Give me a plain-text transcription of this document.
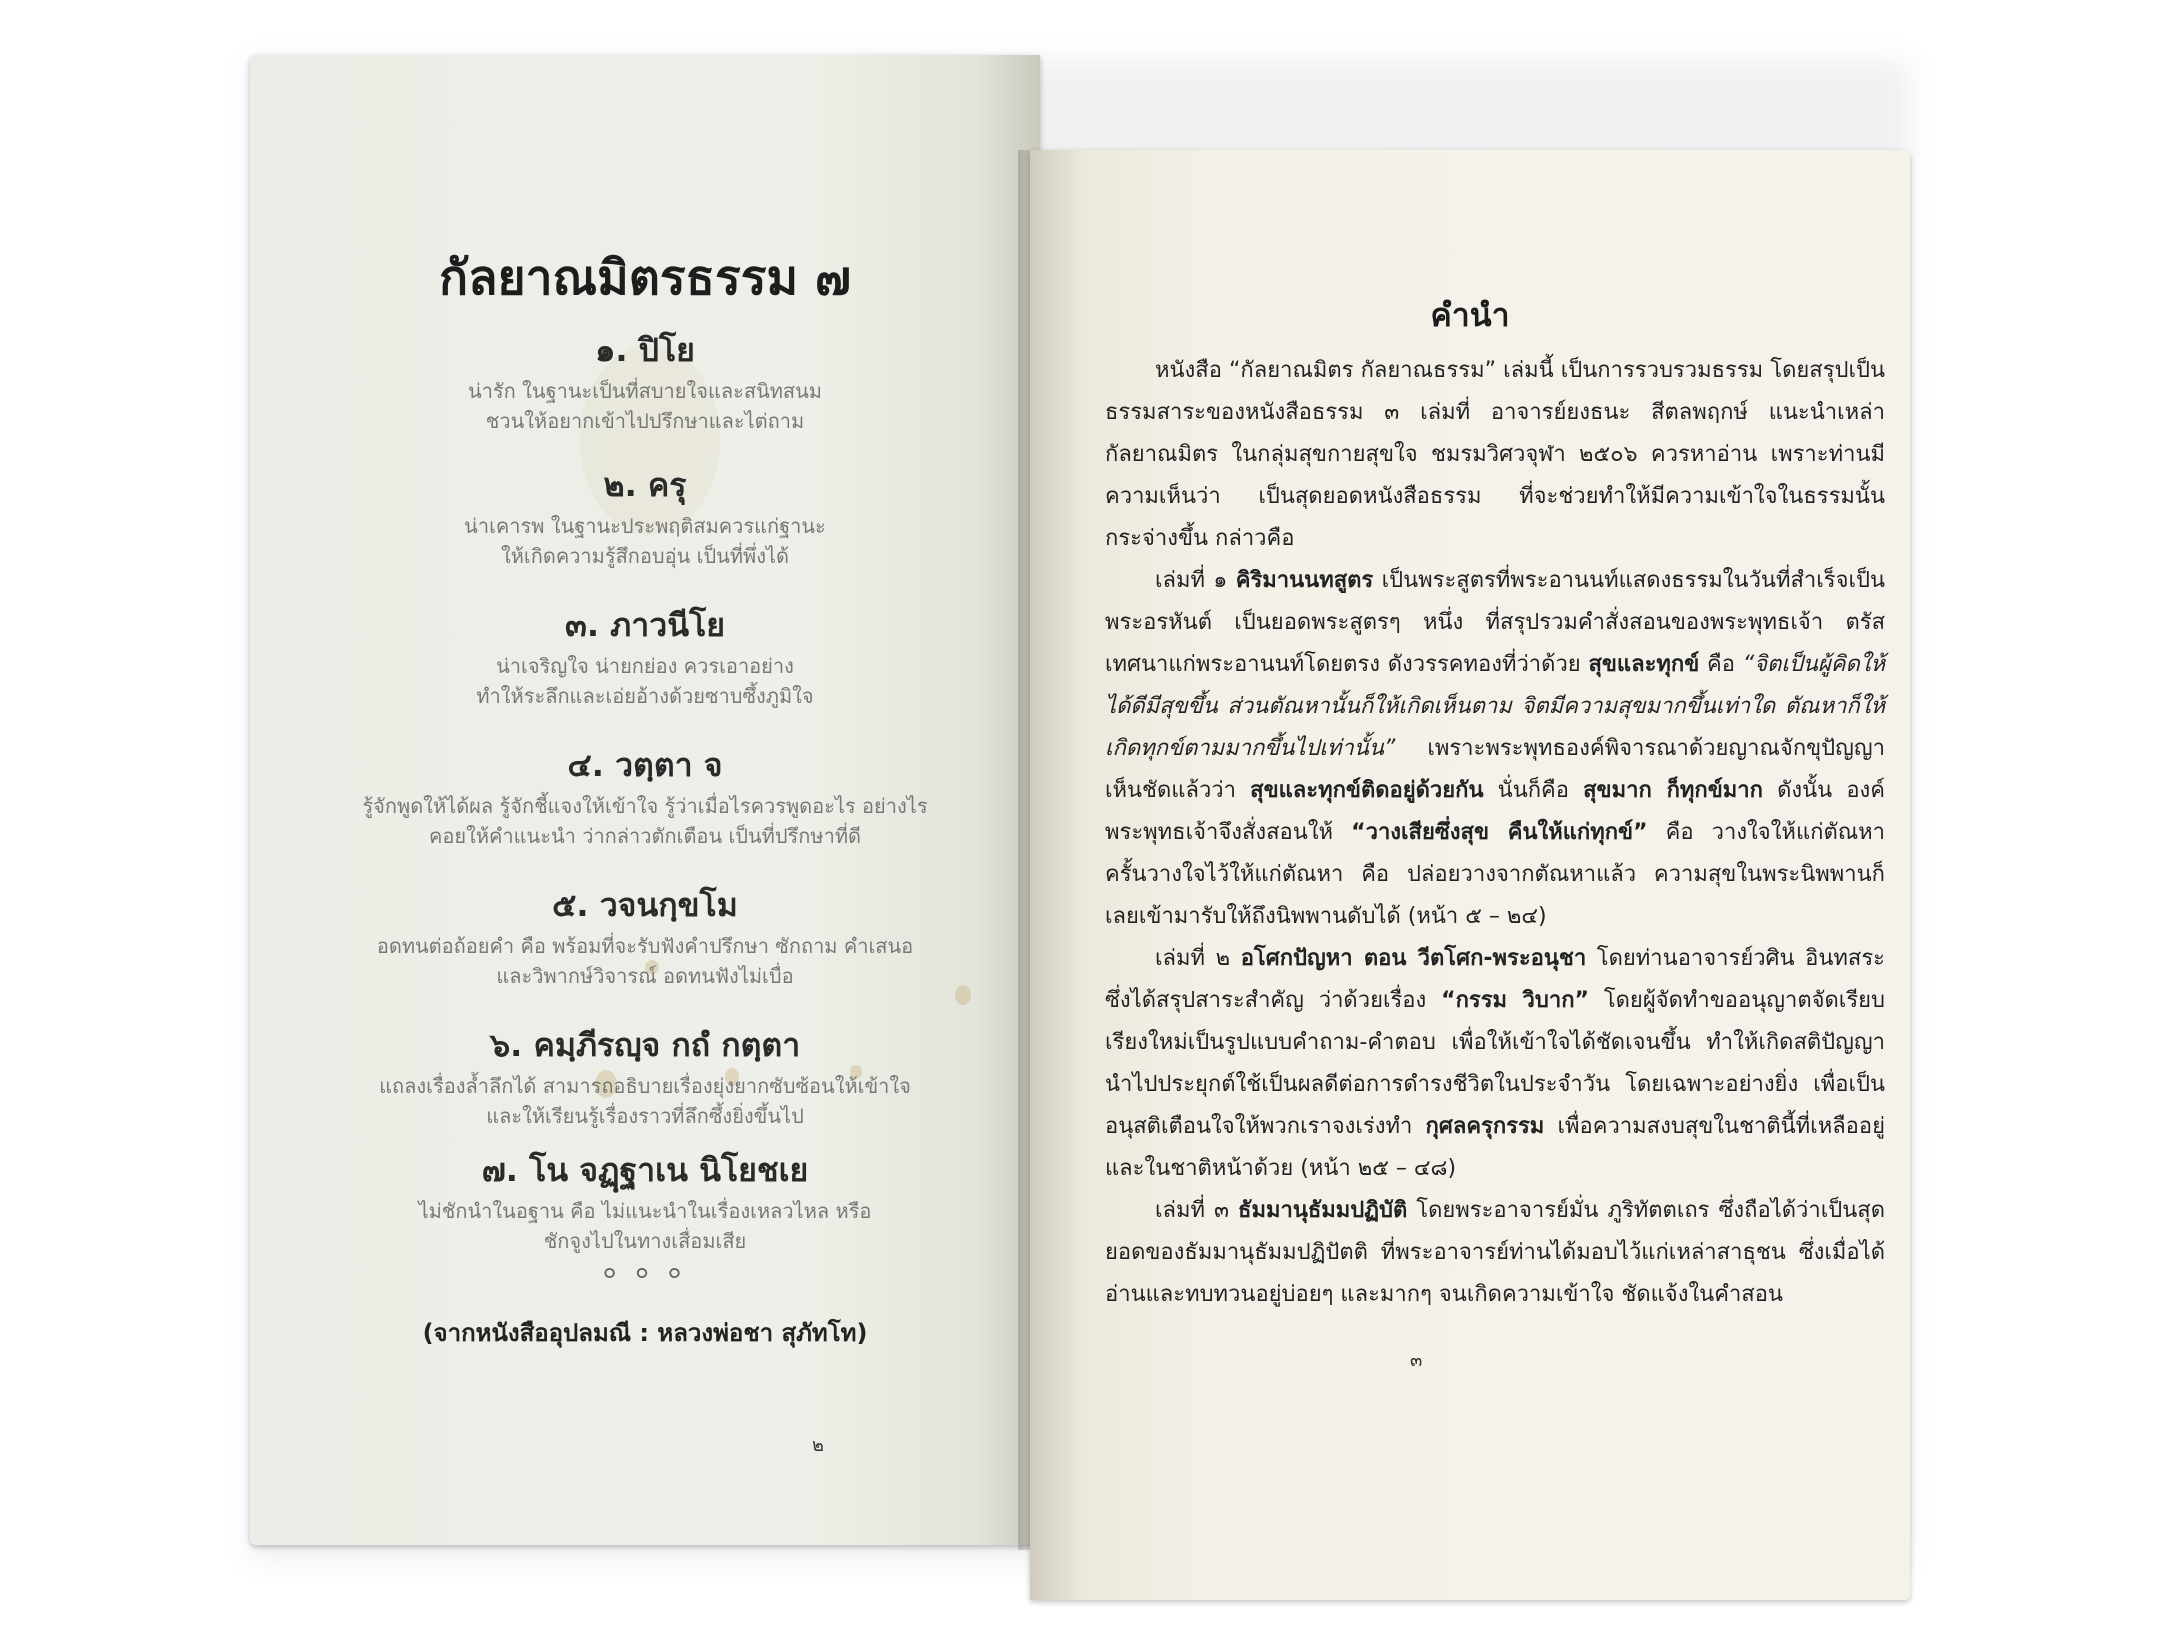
กัลยาณมิตรธรรม ๗
๑. ปิโย
น่ารัก ในฐานะเป็นที่สบายใจและสนิทสนม
ชวนให้อยากเข้าไปปรึกษาและไต่ถาม
๒. ครุ
น่าเคารพ ในฐานะประพฤติสมควรแก่ฐานะ
ให้เกิดความรู้สึกอบอุ่น เป็นที่พึ่งได้
๓. ภาวนีโย
น่าเจริญใจ น่ายกย่อง ควรเอาอย่าง
ทำให้ระลึกและเอ่ยอ้างด้วยซาบซึ้งภูมิใจ
๔. วตฺตา จ
รู้จักพูดให้ได้ผล รู้จักชี้แจงให้เข้าใจ รู้ว่าเมื่อไรควรพูดอะไร อย่างไร
คอยให้คำแนะนำ ว่ากล่าวตักเตือน เป็นที่ปรึกษาที่ดี
๕. วจนกฺขโม
อดทนต่อถ้อยคำ คือ พร้อมที่จะรับฟังคำปรึกษา ซักถาม คำเสนอ
และวิพากษ์วิจารณ์ อดทนฟังไม่เบื่อ
๖. คมฺภีรญฺจ กถํ กตฺตา
แถลงเรื่องล้ำลึกได้ สามารถอธิบายเรื่องยุ่งยากซับซ้อนให้เข้าใจ
และให้เรียนรู้เรื่องราวที่ลึกซึ้งยิ่งขึ้นไป
๗. โน จฏฺฐาเน นิโยชเย
ไม่ชักนำในอฐาน คือ ไม่แนะนำในเรื่องเหลวไหล หรือ
ชักจูงไปในทางเสื่อมเสีย
๐ ๐ ๐
(จากหนังสืออุปลมณี : หลวงพ่อชา สุภัทโท)
๒
คำนำ

หนังสือ “กัลยาณมิตร กัลยาณธรรม” เล่มนี้ เป็นการรวบรวมธรรม โดยสรุปเป็นธรรมสาระของหนังสือธรรม ๓ เล่มที่ อาจารย์ยงธนะ สีตลพฤกษ์ แนะนำเหล่ากัลยาณมิตร ในกลุ่มสุขกายสุขใจ ชมรมวิศวจุฬา ๒๕๐๖ ควรหาอ่าน เพราะท่านมีความเห็นว่า เป็นสุดยอดหนังสือธรรม ที่จะช่วยทำให้มีความเข้าใจในธรรมนั้นกระจ่างขึ้น กล่าวคือ

เล่มที่ ๑ คิริมานนทสูตร เป็นพระสูตรที่พระอานนท์แสดงธรรมในวันที่สำเร็จเป็นพระอรหันต์ เป็นยอดพระสูตรๆ หนึ่ง ที่สรุปรวมคำสั่งสอนของพระพุทธเจ้า ตรัสเทศนาแก่พระอานนท์โดยตรง ดังวรรคทองที่ว่าด้วย สุขและทุกข์ คือ “จิตเป็นผู้คิดให้ได้ดีมีสุขขึ้น ส่วนตัณหานั้นก็ให้เกิดเห็นตาม จิตมีความสุขมากขึ้นเท่าใด ตัณหาก็ให้เกิดทุกข์ตามมากขึ้นไปเท่านั้น” เพราะพระพุทธองค์พิจารณาด้วยญาณจักขุปัญญา เห็นชัดแล้วว่า สุขและทุกข์ติดอยู่ด้วยกัน นั่นก็คือ สุขมาก ก็ทุกข์มาก ดังนั้น องค์พระพุทธเจ้าจึงสั่งสอนให้ “วางเสียซึ่งสุข คืนให้แก่ทุกข์” คือ วางใจให้แก่ตัณหา ครั้นวางใจไว้ให้แก่ตัณหา คือ ปล่อยวางจากตัณหาแล้ว ความสุขในพระนิพพานก็เลยเข้ามารับให้ถึงนิพพานดับได้ (หน้า ๕ – ๒๔)

เล่มที่ ๒ อโศกปัญหา ตอน วีตโศก-พระอนุชา โดยท่านอาจารย์วศิน อินทสระ ซึ่งได้สรุปสาระสำคัญ ว่าด้วยเรื่อง “กรรม วิบาก” โดยผู้จัดทำขออนุญาตจัดเรียบเรียงใหม่เป็นรูปแบบคำถาม-คำตอบ เพื่อให้เข้าใจได้ชัดเจนขึ้น ทำให้เกิดสติปัญญา นำไปประยุกต์ใช้เป็นผลดีต่อการดำรงชีวิตในประจำวัน โดยเฉพาะอย่างยิ่ง เพื่อเป็นอนุสติเตือนใจให้พวกเราจงเร่งทำ กุศลครุกรรม เพื่อความสงบสุขในชาตินี้ที่เหลืออยู่ และในชาติหน้าด้วย (หน้า ๒๕ – ๔๘)

เล่มที่ ๓ ธัมมานุธัมมปฏิบัติ โดยพระอาจารย์มั่น ภูริทัตตเถร ซึ่งถือได้ว่าเป็นสุดยอดของธัมมานุธัมมปฏิปัตติ ที่พระอาจารย์ท่านได้มอบไว้แก่เหล่าสาธุชน ซึ่งเมื่อได้อ่านและทบทวนอยู่บ่อยๆ และมากๆ จนเกิดความเข้าใจ ชัดแจ้งในคำสอน

๓
